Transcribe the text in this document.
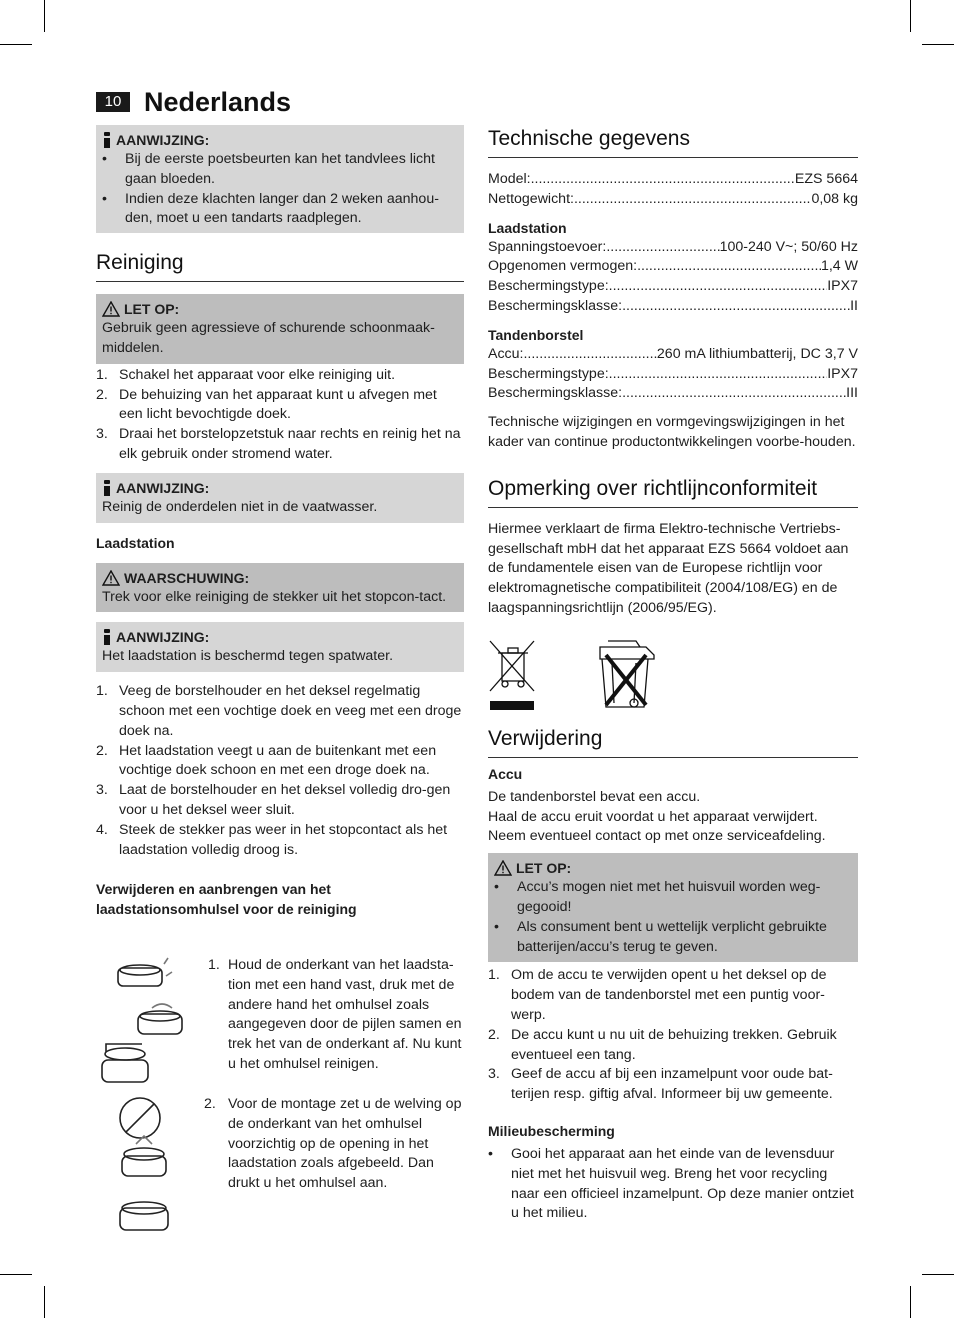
10 Nederlands
AANWIJZING:
• Bij de eerste poetsbeurten kan het tandvlees licht gaan bloeden.
• Indien deze klachten langer dan 2 weken aanhou-den, moet u een tandarts raadplegen.
Reiniging
LET OP:

Gebruik geen agressieve of schurende schoonmaak-middelen.

1. Schakel het apparaat voor elke reiniging uit.
2. De behuizing van het apparaat kunt u afvegen met een licht bevochtigde doek.
3. Draai het borstelopzetstuk naar rechts en reinig het na elk gebruik onder stromend water.
AANWIJZING:

Reinig de onderdelen niet in de vaatwasser.

Laadstation
WAARSCHUWING:

Trek voor elke reiniging de stekker uit het stopcon-tact.

AANWIJZING:

Het laadstation is beschermd tegen spatwater.

1. Veeg de borstelhouder en het deksel regelmatig schoon met een vochtige doek en veeg met een droge doek na.
2. Het laadstation veegt u aan de buitenkant met een vochtige doek schoon en met een droge doek na.
3. Laat de borstelhouder en het deksel volledig dro-gen voor u het deksel weer sluit.
4. Steek de stekker pas weer in het stopcontact als het laadstation volledig droog is.
Verwijderen en aanbrengen van het laadstationsomhulsel voor de reiniging
1. Houd de onderkant van het laadsta-tion met een hand vast, druk met de andere hand het omhulsel zoals aangegeven door de pijlen samen en trek het van de onderkant af. Nu kunt u het omhulsel reinigen.
2. Voor de montage zet u de welving op de onderkant van het omhulsel voorzichtig op de opening in het laadstation zoals afgebeeld. Dan drukt u het omhulsel aan.
Technische gegevens
Model: .....	EZS 5664
Nettogewicht: .....	0,08 kg
Laadstation
Spanningstoevoer: .....	100-240 V~; 50/60 Hz
Opgenomen vermogen: .....	1,4 W
Beschermingstype: .....	IPX7
Beschermingsklasse: .....	II
Tandenborstel
Accu: .....	260 mA lithiumbatterij, DC 3,7 V
Beschermingstype: .....	IPX7
Beschermingsklasse: .....	III

Technische wijzigingen en vormgevingswijzigingen in het kader van continue productontwikkelingen voorbe-houden.

Opmerking over richtlijnconformiteit

Hiermee verklaart de firma Elektro-technische Vertriebs-gesellschaft mbH dat het apparaat EZS 5664 voldoet aan de fundamentele eisen van de Europese richtlijn voor elektromagnetische compatibiliteit (2004/108/EG) en de laagspanningsrichtlijn (2006/95/EG).

Verwijdering
Accu

De tandenborstel bevat een accu.

Haal de accu eruit voordat u het apparaat verwijdert.

Neem eventueel contact op met onze serviceafdeling.

LET OP:
• Accu’s mogen niet met het huisvuil worden weg-gegooid!
• Als consument bent u wettelijk verplicht gebruikte batterijen/accu’s terug te geven.
1. Om de accu te verwijden opent u het deksel op de bodem van de tandenborstel met een puntig voor-werp.
2. De accu kunt u nu uit de behuizing trekken. Gebruik eventueel een tang.
3. Geef de accu af bij een inzamelpunt voor oude bat-terijen resp. giftig afval. Informeer bij uw gemeente.
Milieubescherming
• Gooi het apparaat aan het einde van de levensduur niet met het huisvuil weg. Breng het voor recycling naar een officieel inzamelpunt. Op deze manier ontziet u het milieu.
